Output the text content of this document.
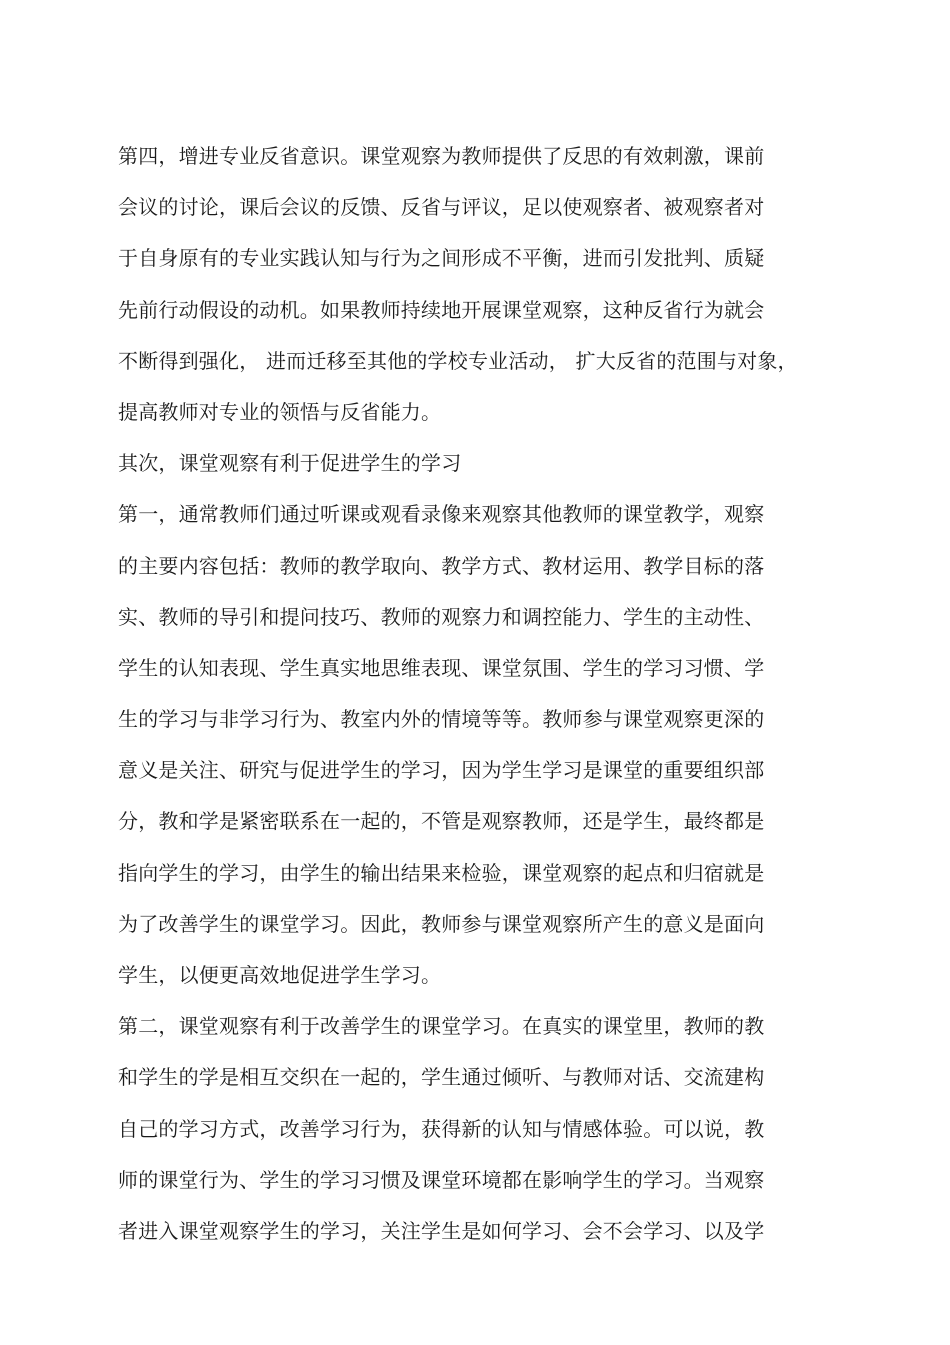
第四，增进专业反省意识。课堂观察为教师提供了反思的有效刺激，课前
会议的讨论，课后会议的反馈、反省与评议，足以使观察者、被观察者对
于自身原有的专业实践认知与行为之间形成不平衡，进而引发批判、质疑
先前行动假设的动机。如果教师持续地开展课堂观察，这种反省行为就会
不断得到强化， 进而迁移至其他的学校专业活动， 扩大反省的范围与对象，
提高教师对专业的领悟与反省能力。
其次，课堂观察有利于促进学生的学习
第一，通常教师们通过听课或观看录像来观察其他教师的课堂教学，观察
的主要内容包括：教师的教学取向、教学方式、教材运用、教学目标的落
实、教师的导引和提问技巧、教师的观察力和调控能力、学生的主动性、
学生的认知表现、学生真实地思维表现、课堂氛围、学生的学习习惯、学
生的学习与非学习行为、教室内外的情境等等。教师参与课堂观察更深的
意义是关注、研究与促进学生的学习，因为学生学习是课堂的重要组织部
分，教和学是紧密联系在一起的，不管是观察教师，还是学生，最终都是
指向学生的学习，由学生的输出结果来检验，课堂观察的起点和归宿就是
为了改善学生的课堂学习。因此，教师参与课堂观察所产生的意义是面向
学生，以便更高效地促进学生学习。
第二，课堂观察有利于改善学生的课堂学习。在真实的课堂里，教师的教
和学生的学是相互交织在一起的，学生通过倾听、与教师对话、交流建构
自己的学习方式，改善学习行为，获得新的认知与情感体验。可以说，教
师的课堂行为、学生的学习习惯及课堂环境都在影响学生的学习。当观察
者进入课堂观察学生的学习，关注学生是如何学习、会不会学习、以及学
